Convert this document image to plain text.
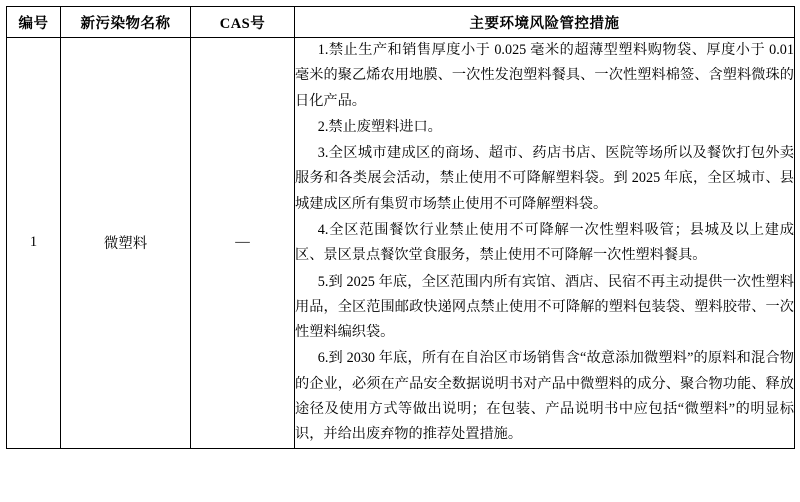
编号	新污染物名称	CAS号	主要环境风险管控措施
1	微塑料	—	

1.禁止生产和销售厚度小于 0.025 毫米的超薄型塑料购物袋、厚度小于 0.01 毫米的聚乙烯农用地膜、一次性发泡塑料餐具、一次性塑料棉签、含塑料微珠的日化产品。

2.禁止废塑料进口。

3.全区城市建成区的商场、超市、药店书店、医院等场所以及餐饮打包外卖服务和各类展会活动，禁止使用不可降解塑料袋。到 2025 年底，全区城市、县城建成区所有集贸市场禁止使用不可降解塑料袋。

4.全区范围餐饮行业禁止使用不可降解一次性塑料吸管；县城及以上建成区、景区景点餐饮堂食服务，禁止使用不可降解一次性塑料餐具。

5.到 2025 年底，全区范围内所有宾馆、酒店、民宿不再主动提供一次性塑料用品，全区范围邮政快递网点禁止使用不可降解的塑料包装袋、塑料胶带、一次性塑料编织袋。

6.到 2030 年底，所有在自治区市场销售含“故意添加微塑料”的原料和混合物的企业，必须在产品安全数据说明书对产品中微塑料的成分、聚合物功能、释放途径及使用方式等做出说明；在包装、产品说明书中应包括“微塑料”的明显标识，并给出废弃物的推荐处置措施。
